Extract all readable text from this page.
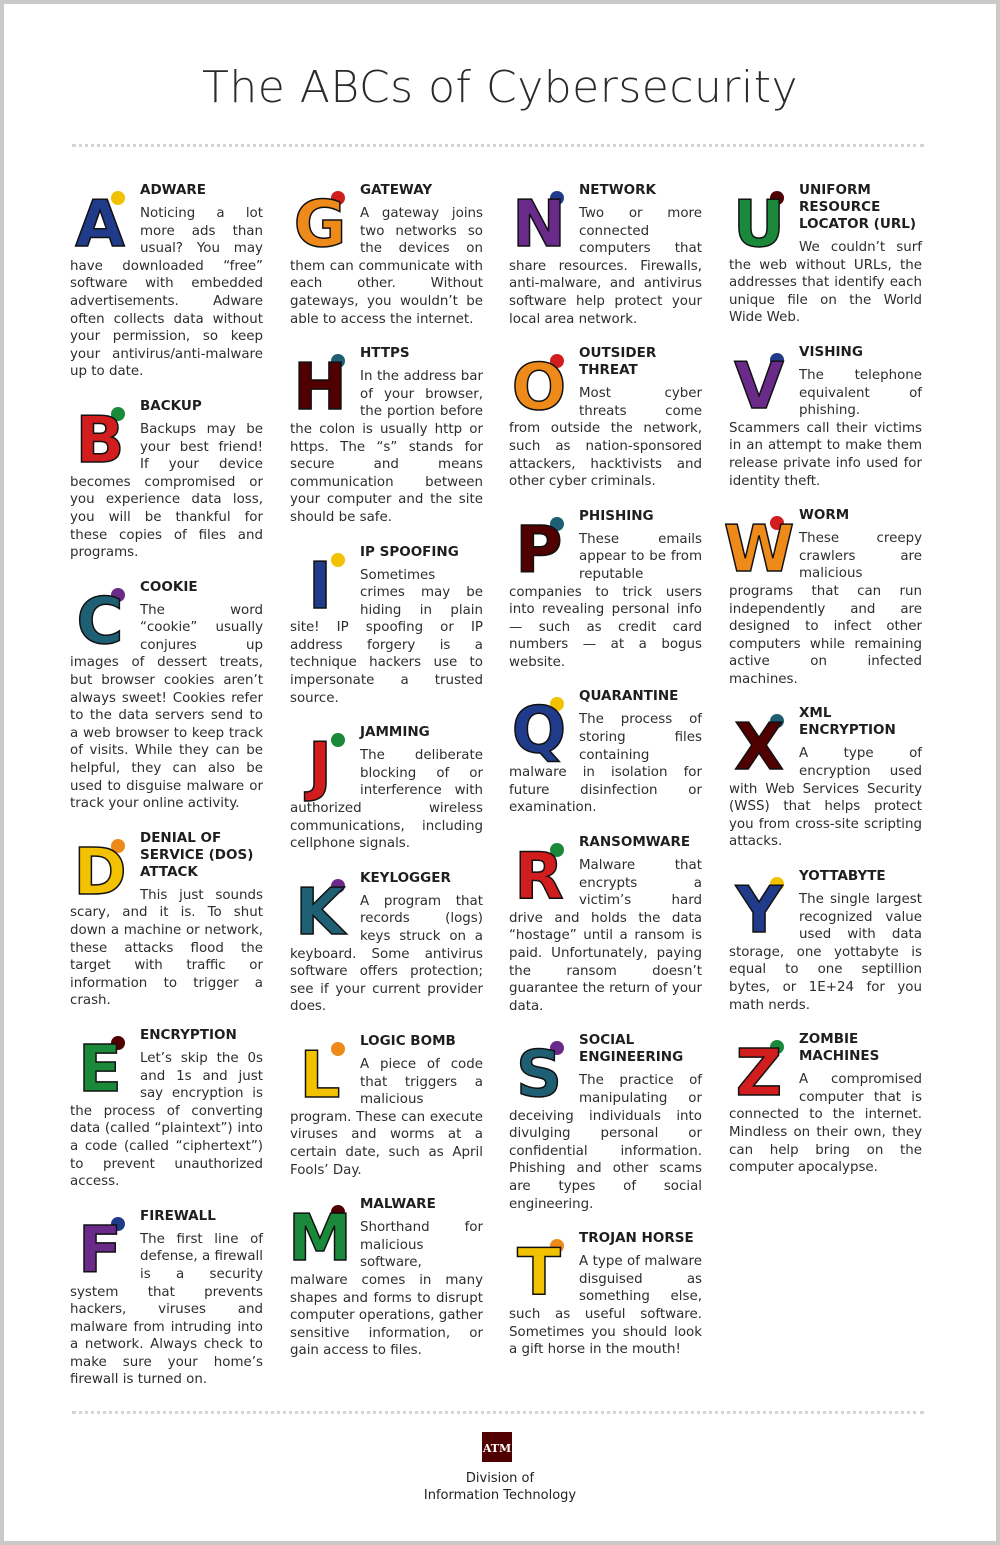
The ABCs of Cybersecurity
A	ADWARE

Noticing a lot more ads than usual? You may have downloaded “free” software with embedded advertisements. Adware often collects data without your permission, so keep your antivirus/anti-malware up to date.

B	BACKUP

Backups may be your best friend! If your device becomes compromised or you experience data loss, you will be thankful for these copies of files and programs.

C	COOKIE

The word “cookie” usually conjures up images of dessert treats, but browser cookies aren’t always sweet! Cookies refer to the data servers send to a web browser to keep track of visits. While they can be helpful, they can also be used to disguise malware or track your online activity.

D DENIAL OF SERVICE (DOS) ATTACK

This just sounds scary, and it is. To shut down a machine or network, these attacks flood the target with traffic or information to trigger a crash.

E	ENCRYPTION

Let’s skip the 0s and 1s and just say encryption is the process of converting data (called “plaintext”) into a code (called “ciphertext”) to prevent unauthorized access.

F	FIREWALL

The first line of defense, a firewall is a security system that prevents hackers, viruses and malware from intruding into a network. Always check to make sure your home’s firewall is turned on.

G	GATEWAY

A gateway joins two networks so the devices on them can communicate with each other. Without gateways, you wouldn’t be able to access the internet.

H HTTPS

In the address bar of your browser, the portion before the colon is usually http or https. The “s” stands for secure and means communication between your computer and the site should be safe.

I	IP SPOOFING

Sometimes crimes may be hiding in plain site! IP spoofing or IP address forgery is a technique hackers use to impersonate a trusted source.

J	JAMMING

The deliberate blocking of or interference with authorized wireless communications, including cellphone signals.

K	KEYLOGGER

A program that records (logs) keys struck on a keyboard. Some antivirus software offers protection; see if your current provider does.

L	LOGIC BOMB

A piece of code that triggers a malicious program. These can execute viruses and worms at a certain date, such as April Fools’ Day.

M MALWARE

Shorthand for malicious software, malware comes in many shapes and forms to disrupt computer operations, gather sensitive information, or gain access to files.

N NETWORK

Two or more connected computers that share resources. Firewalls, anti-malware, and antivirus software help protect your local area network.

O OUTSIDER THREAT

Most cyber threats come from outside the network, such as nation-sponsored attackers, hacktivists and other cyber criminals.

P	PHISHING

These emails appear to be from reputable companies to trick users into revealing personal info — such as credit card numbers — at a bogus website.

Q QUARANTINE

The process of storing files containing malware in isolation for future disinfection or examination.

R	RANSOMWARE

Malware that encrypts a victim’s hard drive and holds the data “hostage” until a ransom is paid. Unfortunately, paying the ransom doesn’t guarantee the return of your data.

S	SOCIAL ENGINEERING

The practice of manipulating or deceiving individuals into divulging personal or confidential information. Phishing and other scams are types of social engineering.

T	TROJAN HORSE

A type of malware disguised as something else, such as useful software. Sometimes you should look a gift horse in the mouth!

U	UNIFORM RESOURCE LOCATOR (URL)

We couldn’t surf the web without URLs, the addresses that identify each unique file on the World Wide Web.

V	VISHING

The telephone equivalent of phishing. Scammers call their victims in an attempt to make them release private info used for identity theft.

W WORM

These creepy crawlers are malicious programs that can run independently and are designed to infect other computers while remaining active on infected machines.

X	XML ENCRYPTION

A type of encryption used with Web Services Security (WSS) that helps protect you from cross-site scripting attacks.

Y	YOTTABYTE

The single largest recognized value used with data storage, one yottabyte is equal to one septillion bytes, or 1E+24 for you math nerds.

Z	ZOMBIE MACHINES

A compromised computer that is connected to the internet. Mindless on their own, they can help bring on the computer apocalypse.

ATM
Division of
Information Technology
